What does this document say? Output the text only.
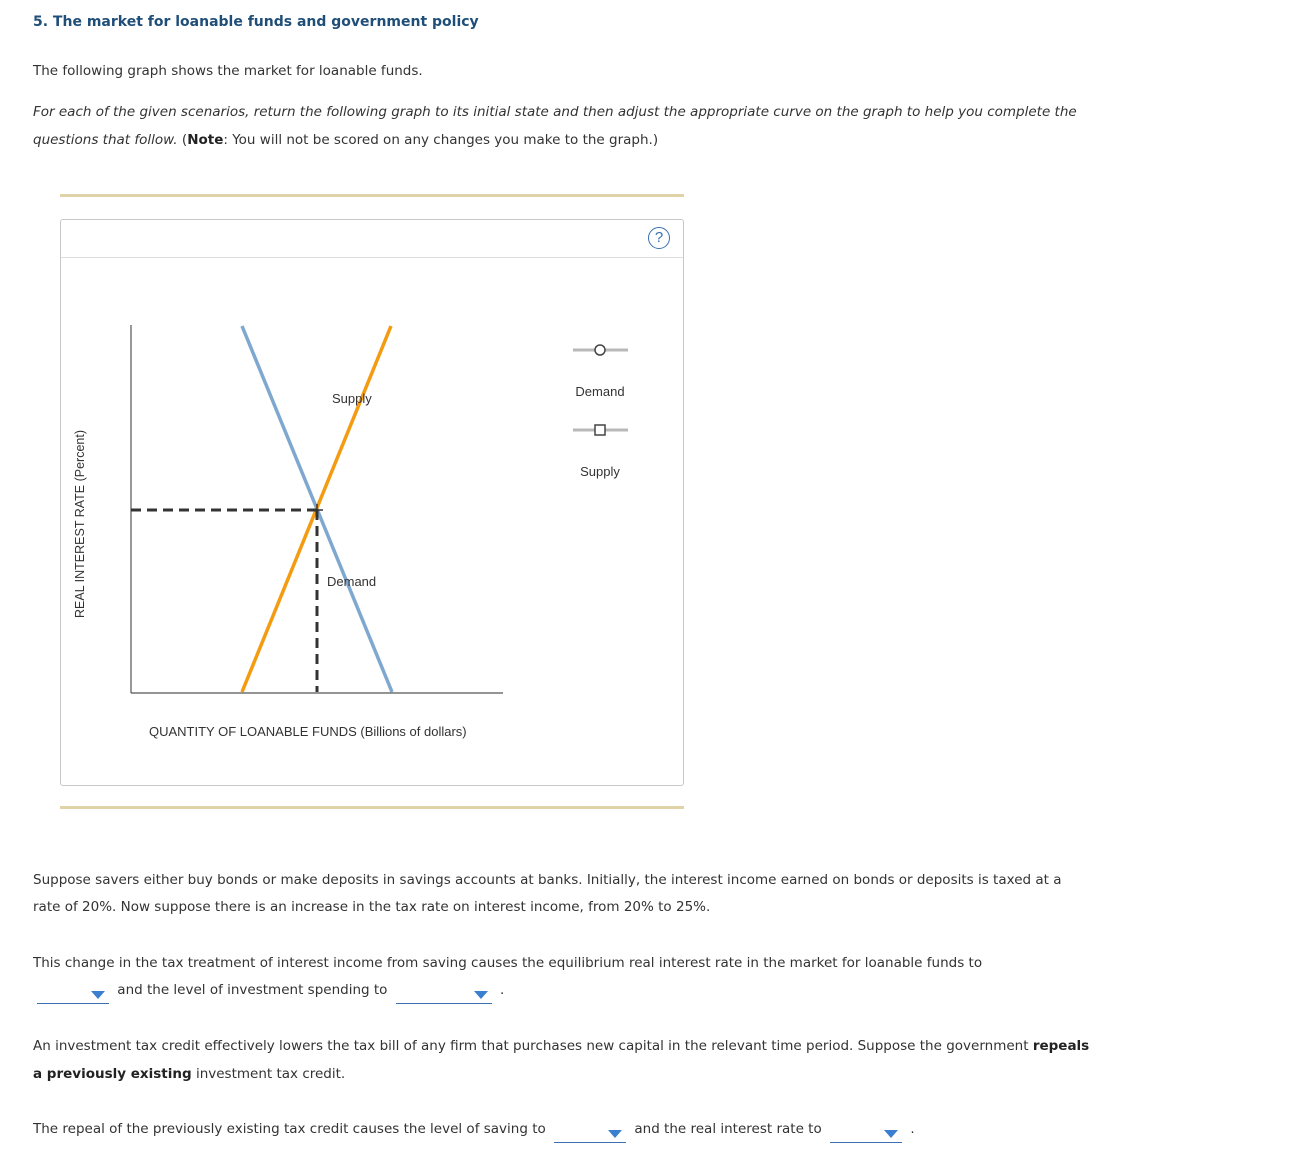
5. The market for loanable funds and government policy
The following graph shows the market for loanable funds.
For each of the given scenarios, return the following graph to its initial state and then adjust the appropriate curve on the graph to help you complete the questions that follow. (Note: You will not be scored on any changes you make to the graph.)
?
Supply
Demand
REAL INTEREST RATE (Percent)
QUANTITY OF LOANABLE FUNDS (Billions of dollars)
Demand
Supply
Suppose savers either buy bonds or make deposits in savings accounts at banks. Initially, the interest income earned on bonds or deposits is taxed at a rate of 20%. Now suppose there is an increase in the tax rate on interest income, from 20% to 25%.
This change in the tax treatment of interest income from saving causes the equilibrium real interest rate in the market for loanable funds to

and the level of investment spending to	.
An investment tax credit effectively lowers the tax bill of any firm that purchases new capital in the relevant time period. Suppose the government repeals a previously existing investment tax credit.
The repeal of the previously existing tax credit causes the level of saving to	and the real interest rate to	.
